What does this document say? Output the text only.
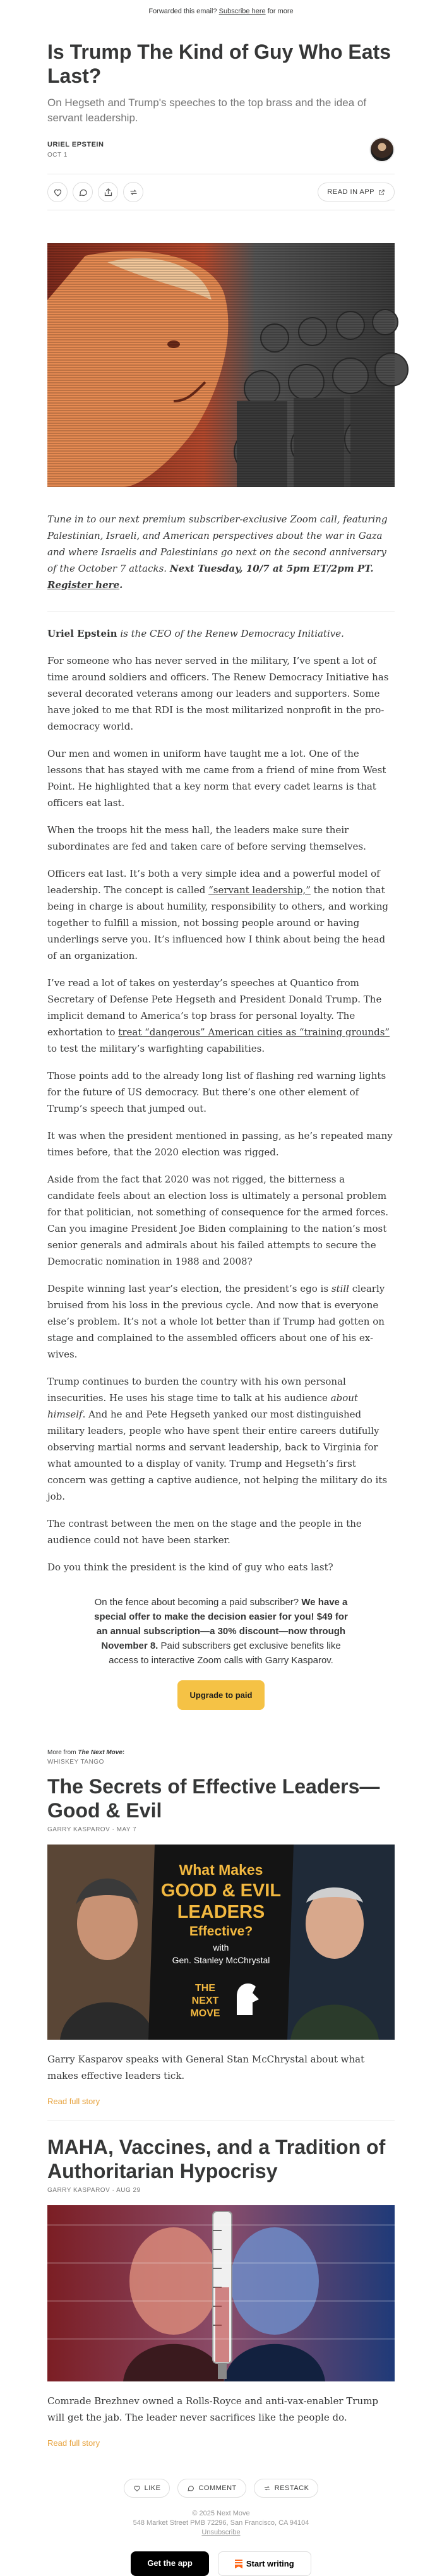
Forwarded this email? Subscribe here for more
Is Trump The Kind of Guy Who Eats Last?
On Hegseth and Trump's speeches to the top brass and the idea of servant leadership.
URIEL EPSTEIN
OCT 1
READ IN APP

Tune in to our next premium subscriber-exclusive Zoom call, featuring Palestinian, Israeli, and American perspectives about the war in Gaza and where Israelis and Palestinians go next on the second anniversary of the October 7 attacks. Next Tuesday, 10/7 at 5pm ET/2pm PT. Register here.

Uriel Epstein is the CEO of the Renew Democracy Initiative.

For someone who has never served in the military, I’ve spent a lot of time around soldiers and officers. The Renew Democracy Initiative has several decorated veterans among our leaders and supporters. Some have joked to me that RDI is the most militarized nonprofit in the pro-democracy world.

Our men and women in uniform have taught me a lot. One of the lessons that has stayed with me came from a friend of mine from West Point. He highlighted that a key norm that every cadet learns is that officers eat last.

When the troops hit the mess hall, the leaders make sure their subordinates are fed and taken care of before serving themselves.

Officers eat last. It’s both a very simple idea and a powerful model of leadership. The concept is called “servant leadership,” the notion that being in charge is about humility, responsibility to others, and working together to fulfill a mission, not bossing people around or having underlings serve you. It’s influenced how I think about being the head of an organization.

I’ve read a lot of takes on yesterday’s speeches at Quantico from Secretary of Defense Pete Hegseth and President Donald Trump. The implicit demand to America’s top brass for personal loyalty. The exhortation to treat “dangerous” American cities as “training grounds” to test the military’s warfighting capabilities.

Those points add to the already long list of flashing red warning lights for the future of US democracy. But there’s one other element of Trump’s speech that jumped out.

It was when the president mentioned in passing, as he’s repeated many times before, that the 2020 election was rigged.

Aside from the fact that 2020 was not rigged, the bitterness a candidate feels about an election loss is ultimately a personal problem for that politician, not something of consequence for the armed forces. Can you imagine President Joe Biden complaining to the nation’s most senior generals and admirals about his failed attempts to secure the Democratic nomination in 1988 and 2008?

Despite winning last year’s election, the president’s ego is still clearly bruised from his loss in the previous cycle. And now that is everyone else’s problem. It’s not a whole lot better than if Trump had gotten on stage and complained to the assembled officers about one of his ex-wives.

Trump continues to burden the country with his own personal insecurities. He uses his stage time to talk at his audience about himself. And he and Pete Hegseth yanked our most distinguished military leaders, people who have spent their entire careers dutifully observing martial norms and servant leadership, back to Virginia for what amounted to a display of vanity. Trump and Hegseth’s first concern was getting a captive audience, not helping the military do its job.

The contrast between the men on the stage and the people in the audience could not have been starker.

Do you think the president is the kind of guy who eats last?

On the fence about becoming a paid subscriber? We have a special offer to make the decision easier for you! $49 for an annual subscription—a 30% discount—now through November 8. Paid subscribers get exclusive benefits like access to interactive Zoom calls with Garry Kasparov.
Upgrade to paid
More from The Next Move:
WHISKEY TANGO
The Secrets of Effective Leaders—Good & Evil
GARRY KASPAROV · MAY 7
What Makes
GOOD & EVIL
LEADERS
Effective?
with
Gen. Stanley McChrystal
THE
NEXT
MOVE

Garry Kasparov speaks with General Stan McChrystal about what makes effective leaders tick.

Read full story
MAHA, Vaccines, and a Tradition of Authoritarian Hypocrisy
GARRY KASPAROV · AUG 29

Comrade Brezhnev owned a Rolls-Royce and anti-vax-enabler Trump will get the jab. The leader never sacrifices like the people do.

Read full story
LIKE	COMMENT	RESTACK
© 2025 Next Move
548 Market Street PMB 72296, San Francisco, CA 94104
Unsubscribe
Get the app	Start writing
